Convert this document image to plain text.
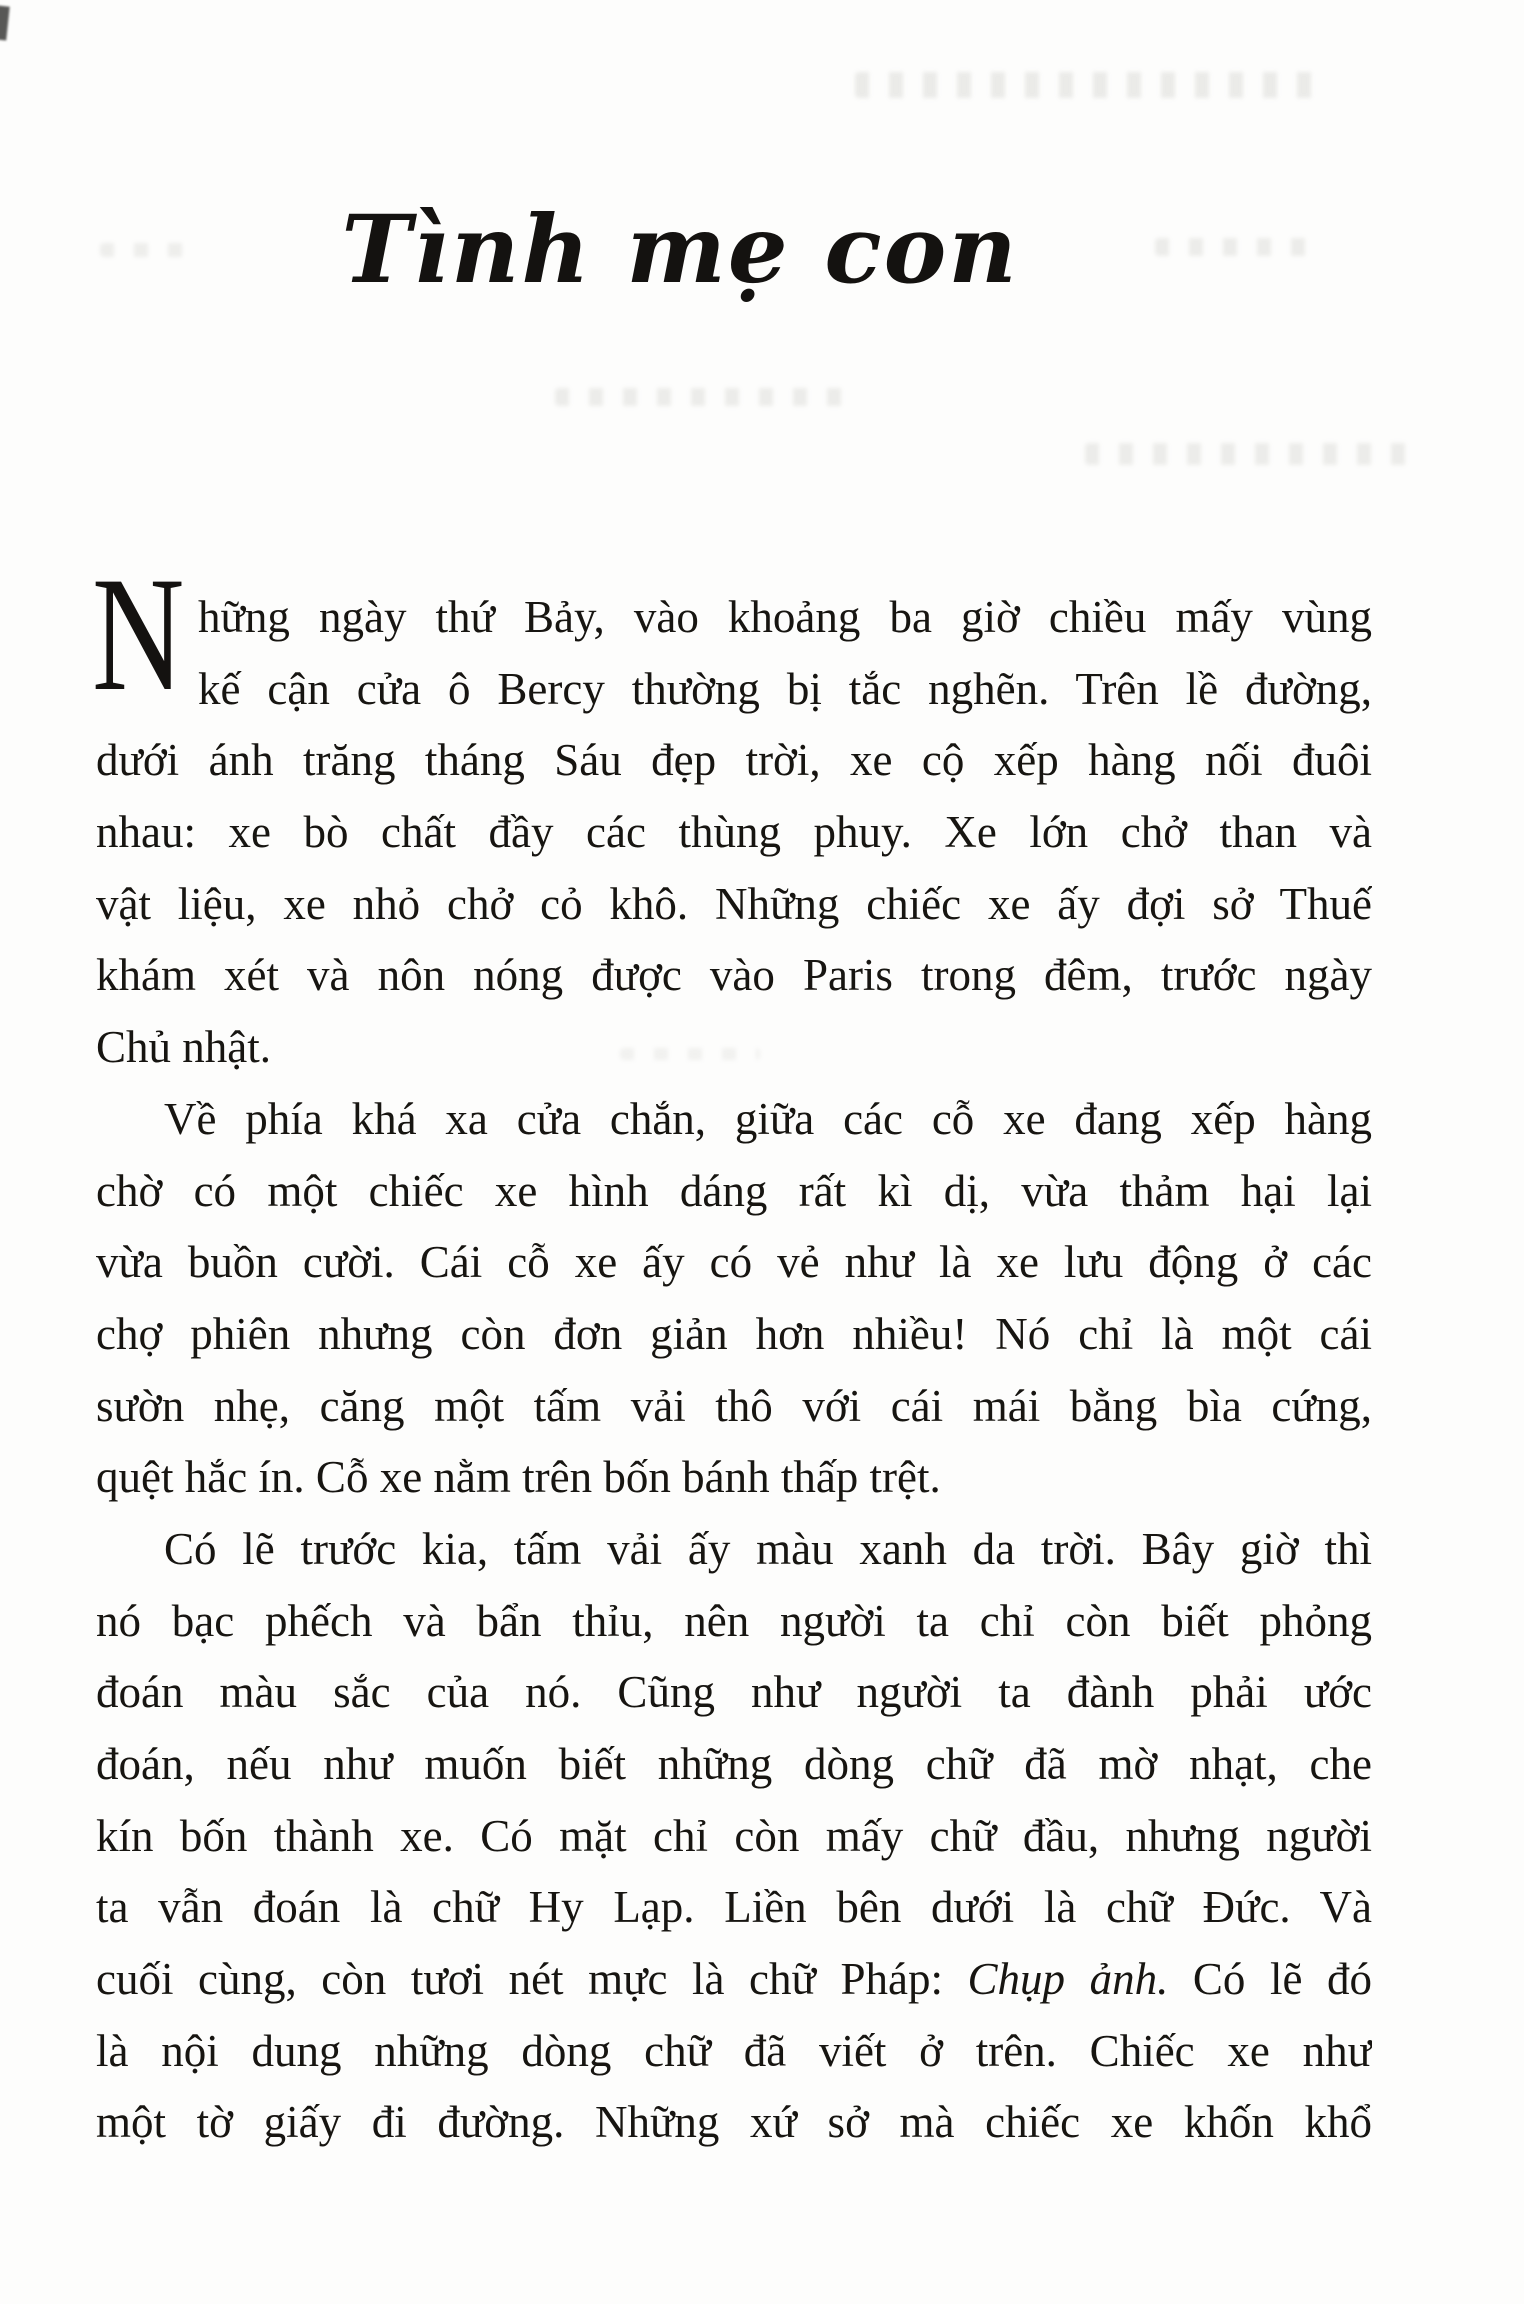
Tình mẹ con
N hững ngày thứ Bảy, vào khoảng ba giờ chiều mấy vùng
kế cận cửa ô Bercy thường bị tắc nghẽn. Trên lề đường,
dưới ánh trăng tháng Sáu đẹp trời, xe cộ xếp hàng nối đuôi
nhau: xe bò chất đầy các thùng phuy. Xe lớn chở than và
vật liệu, xe nhỏ chở cỏ khô. Những chiếc xe ấy đợi sở Thuế
khám xét và nôn nóng được vào Paris trong đêm, trước ngày
Chủ nhật.
Về phía khá xa cửa chắn, giữa các cỗ xe đang xếp hàng
chờ có một chiếc xe hình dáng rất kì dị, vừa thảm hại lại
vừa buồn cười. Cái cỗ xe ấy có vẻ như là xe lưu động ở các
chợ phiên nhưng còn đơn giản hơn nhiều! Nó chỉ là một cái
sườn nhẹ, căng một tấm vải thô với cái mái bằng bìa cứng,
quệt hắc ín. Cỗ xe nằm trên bốn bánh thấp trệt.
Có lẽ trước kia, tấm vải ấy màu xanh da trời. Bây giờ thì
nó bạc phếch và bẩn thỉu, nên người ta chỉ còn biết phỏng
đoán màu sắc của nó. Cũng như người ta đành phải ước
đoán, nếu như muốn biết những dòng chữ đã mờ nhạt, che
kín bốn thành xe. Có mặt chỉ còn mấy chữ đầu, nhưng người
ta vẫn đoán là chữ Hy Lạp. Liền bên dưới là chữ Đức. Và
cuối cùng, còn tươi nét mực là chữ Pháp: Chụp ảnh. Có lẽ đó
là nội dung những dòng chữ đã viết ở trên. Chiếc xe như
một tờ giấy đi đường. Những xứ sở mà chiếc xe khốn khổ
